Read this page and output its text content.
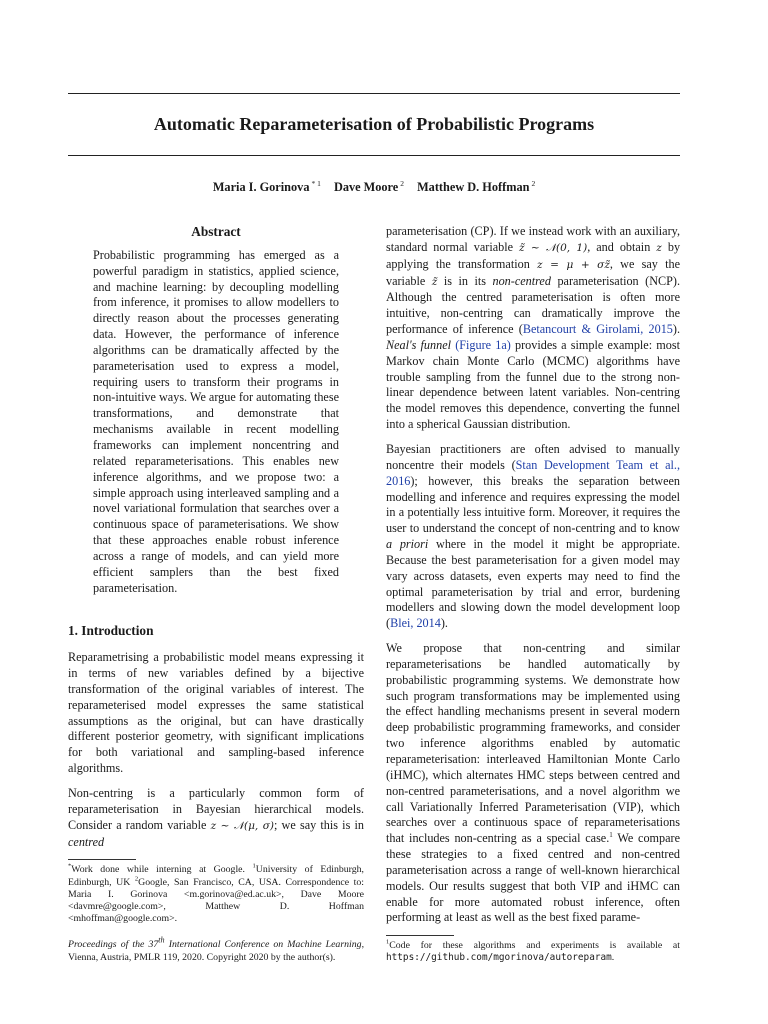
Automatic Reparameterisation of Probabilistic Programs
Maria I. Gorinova $^{* 1}$ Dave Moore $^2$ Matthew D. Hoffman $^2$
Abstract
Probabilistic programming has emerged as a powerful paradigm in statistics, applied science, and machine learning: by decoupling modelling from inference, it promises to allow modellers to directly reason about the processes generating data. However, the performance of inference algorithms can be dramatically affected by the parameterisation used to express a model, requiring users to transform their programs in non-intuitive ways. We argue for automating these transformations, and demonstrate that mechanisms available in recent modelling frameworks can implement noncentring and related reparameterisations. This enables new inference algorithms, and we propose two: a simple approach using interleaved sampling and a novel variational formulation that searches over a continuous space of parameterisations. We show that these approaches enable robust inference across a range of models, and can yield more efficient samplers than the best fixed parameterisation.
1. Introduction

Reparametrising a probabilistic model means expressing it in terms of new variables defined by a bijective transformation of the original variables of interest. The reparameterised model expresses the same statistical assumptions as the original, but can have drastically different posterior geometry, with significant implications for both variational and sampling-based inference algorithms.

Non-centring is a particularly common form of reparameterisation in Bayesian hierarchical models. Consider a random variable z ∼ 𝒩(μ, σ); we say this is in centred

*Work done while interning at Google. $^1$University of Edinburgh, Edinburgh, UK $^2$Google, San Francisco, CA, USA. Correspondence to: Maria I. Gorinova <m.gorinova@ed.ac.uk>, Dave Moore <davmre@google.com>, Matthew D. Hoffman <mhoffman@google.com>.
Proceedings of the 37th International Conference on Machine Learning, Vienna, Austria, PMLR 119, 2020. Copyright 2020 by the author(s).

parameterisation (CP). If we instead work with an auxiliary, standard normal variable z̃ ∼ 𝒩(0, 1), and obtain z by applying the transformation z = μ + σz̃, we say the variable z̃ is in its non-centred parameterisation (NCP). Although the centred parameterisation is often more intuitive, non-centring can dramatically improve the performance of inference (Betancourt & Girolami, 2015). Neal's funnel (Figure 1a) provides a simple example: most Markov chain Monte Carlo (MCMC) algorithms have trouble sampling from the funnel due to the strong non-linear dependence between latent variables. Non-centring the model removes this dependence, converting the funnel into a spherical Gaussian distribution.

Bayesian practitioners are often advised to manually noncentre their models (Stan Development Team et al., 2016); however, this breaks the separation between modelling and inference and requires expressing the model in a potentially less intuitive form. Moreover, it requires the user to understand the concept of non-centring and to know a priori where in the model it might be appropriate. Because the best parameterisation for a given model may vary across datasets, even experts may need to find the optimal parameterisation by trial and error, burdening modellers and slowing down the model development loop (Blei, 2014).

We propose that non-centring and similar reparameterisations be handled automatically by probabilistic programming systems. We demonstrate how such program transformations may be implemented using the effect handling mechanisms present in several modern deep probabilistic programming frameworks, and consider two inference algorithms enabled by automatic reparameterisation: interleaved Hamiltonian Monte Carlo (iHMC), which alternates HMC steps between centred and non-centred parameterisations, and a novel algorithm we call Variationally Inferred Parameterisation (VIP), which searches over a continuous space of reparameterisations that includes non-centring as a special case.$^1$ We compare these strategies to a fixed centred and non-centred parameterisation across a range of well-known hierarchical models. Our results suggest that both VIP and iHMC can enable for more automated robust inference, often performing at least as well as the best fixed parame-

$^1$Code for these algorithms and experiments is available at https://github.com/mgorinova/autoreparam.
